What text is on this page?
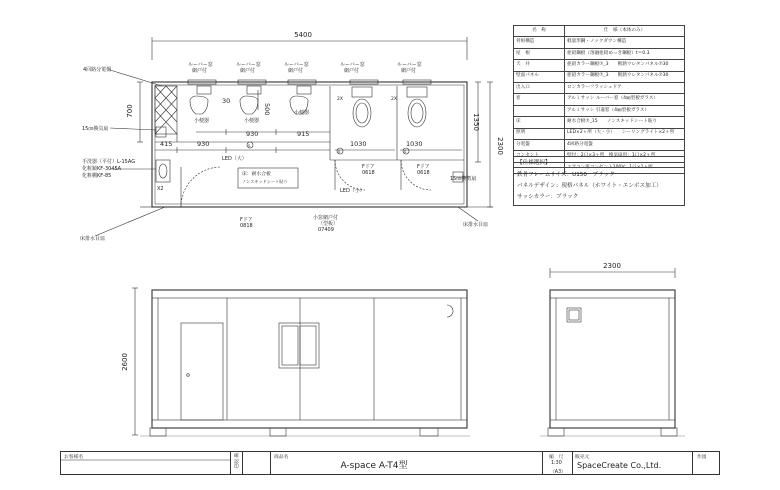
5400
700
1350
2300
30
500
415	930
930	915
1030	1030
4回路分電盤
15㎝換気扇
15㎝換気扇
ルーバー窓網戸付
ルーバー窓網戸付
ルーバー窓網戸付
ルーバー窓網戸付
ルーバー窓網戸付
小便器	小便器
小便器
LED（大）
LED（小）
床：耐水合板
ノンスキッドシート貼り
Fドア 0618
Fドア 0618
Fドア 0818
小窓網戸付（型板） 07409
手洗器（平付）L-15AG
化粧鏡KF-3045A
化粧棚KF-85
X2
床排水目皿
床排水目皿
2X	2X
S	S
S
2600
2300
名　称	仕　様（本体のみ）
骨組構造	軽量形鋼・ノックダウン構造
屋　根	亜鉛鋼板（溶融亜鉛めっき鋼板）t＝0.3
天　井	亜鉛カラー鋼板⑦_3　　断熱ウレタンパネル⑦30
壁面パネル	亜鉛カラー鋼板⑦_3　　断熱ウレタンパネル⑦30
出入口	ロンカラーフラッシュドア
窓	アルミサッシ ルーバー窓（4㎜型板ガラス）
	アルミサッシ 引違窓（4㎜型板ガラス）
床	耐水合板⑦_15　　ノンスキッドシート貼り
照明	LED×2ヶ所（大・小）　　シーリングライト×2ヶ所
分電盤	4回路分電盤
コンセント	壁付：2口×3ヶ所　換気扇用：1口×2ヶ所
	エアコン用コンセント100V：1口×1ヶ所
【仕様選択】
鉄骨フレームサイズ：U150　ブラック
パネルデザイン：現格パネル（ホワイト・エンボス加工）
サッシカラー：ブラック
お客様名	確認印
商品名
A-space A-T4型
縮　尺
1:30
（A3）
販売元
SpaceCreate Co.,Ltd.
作図
